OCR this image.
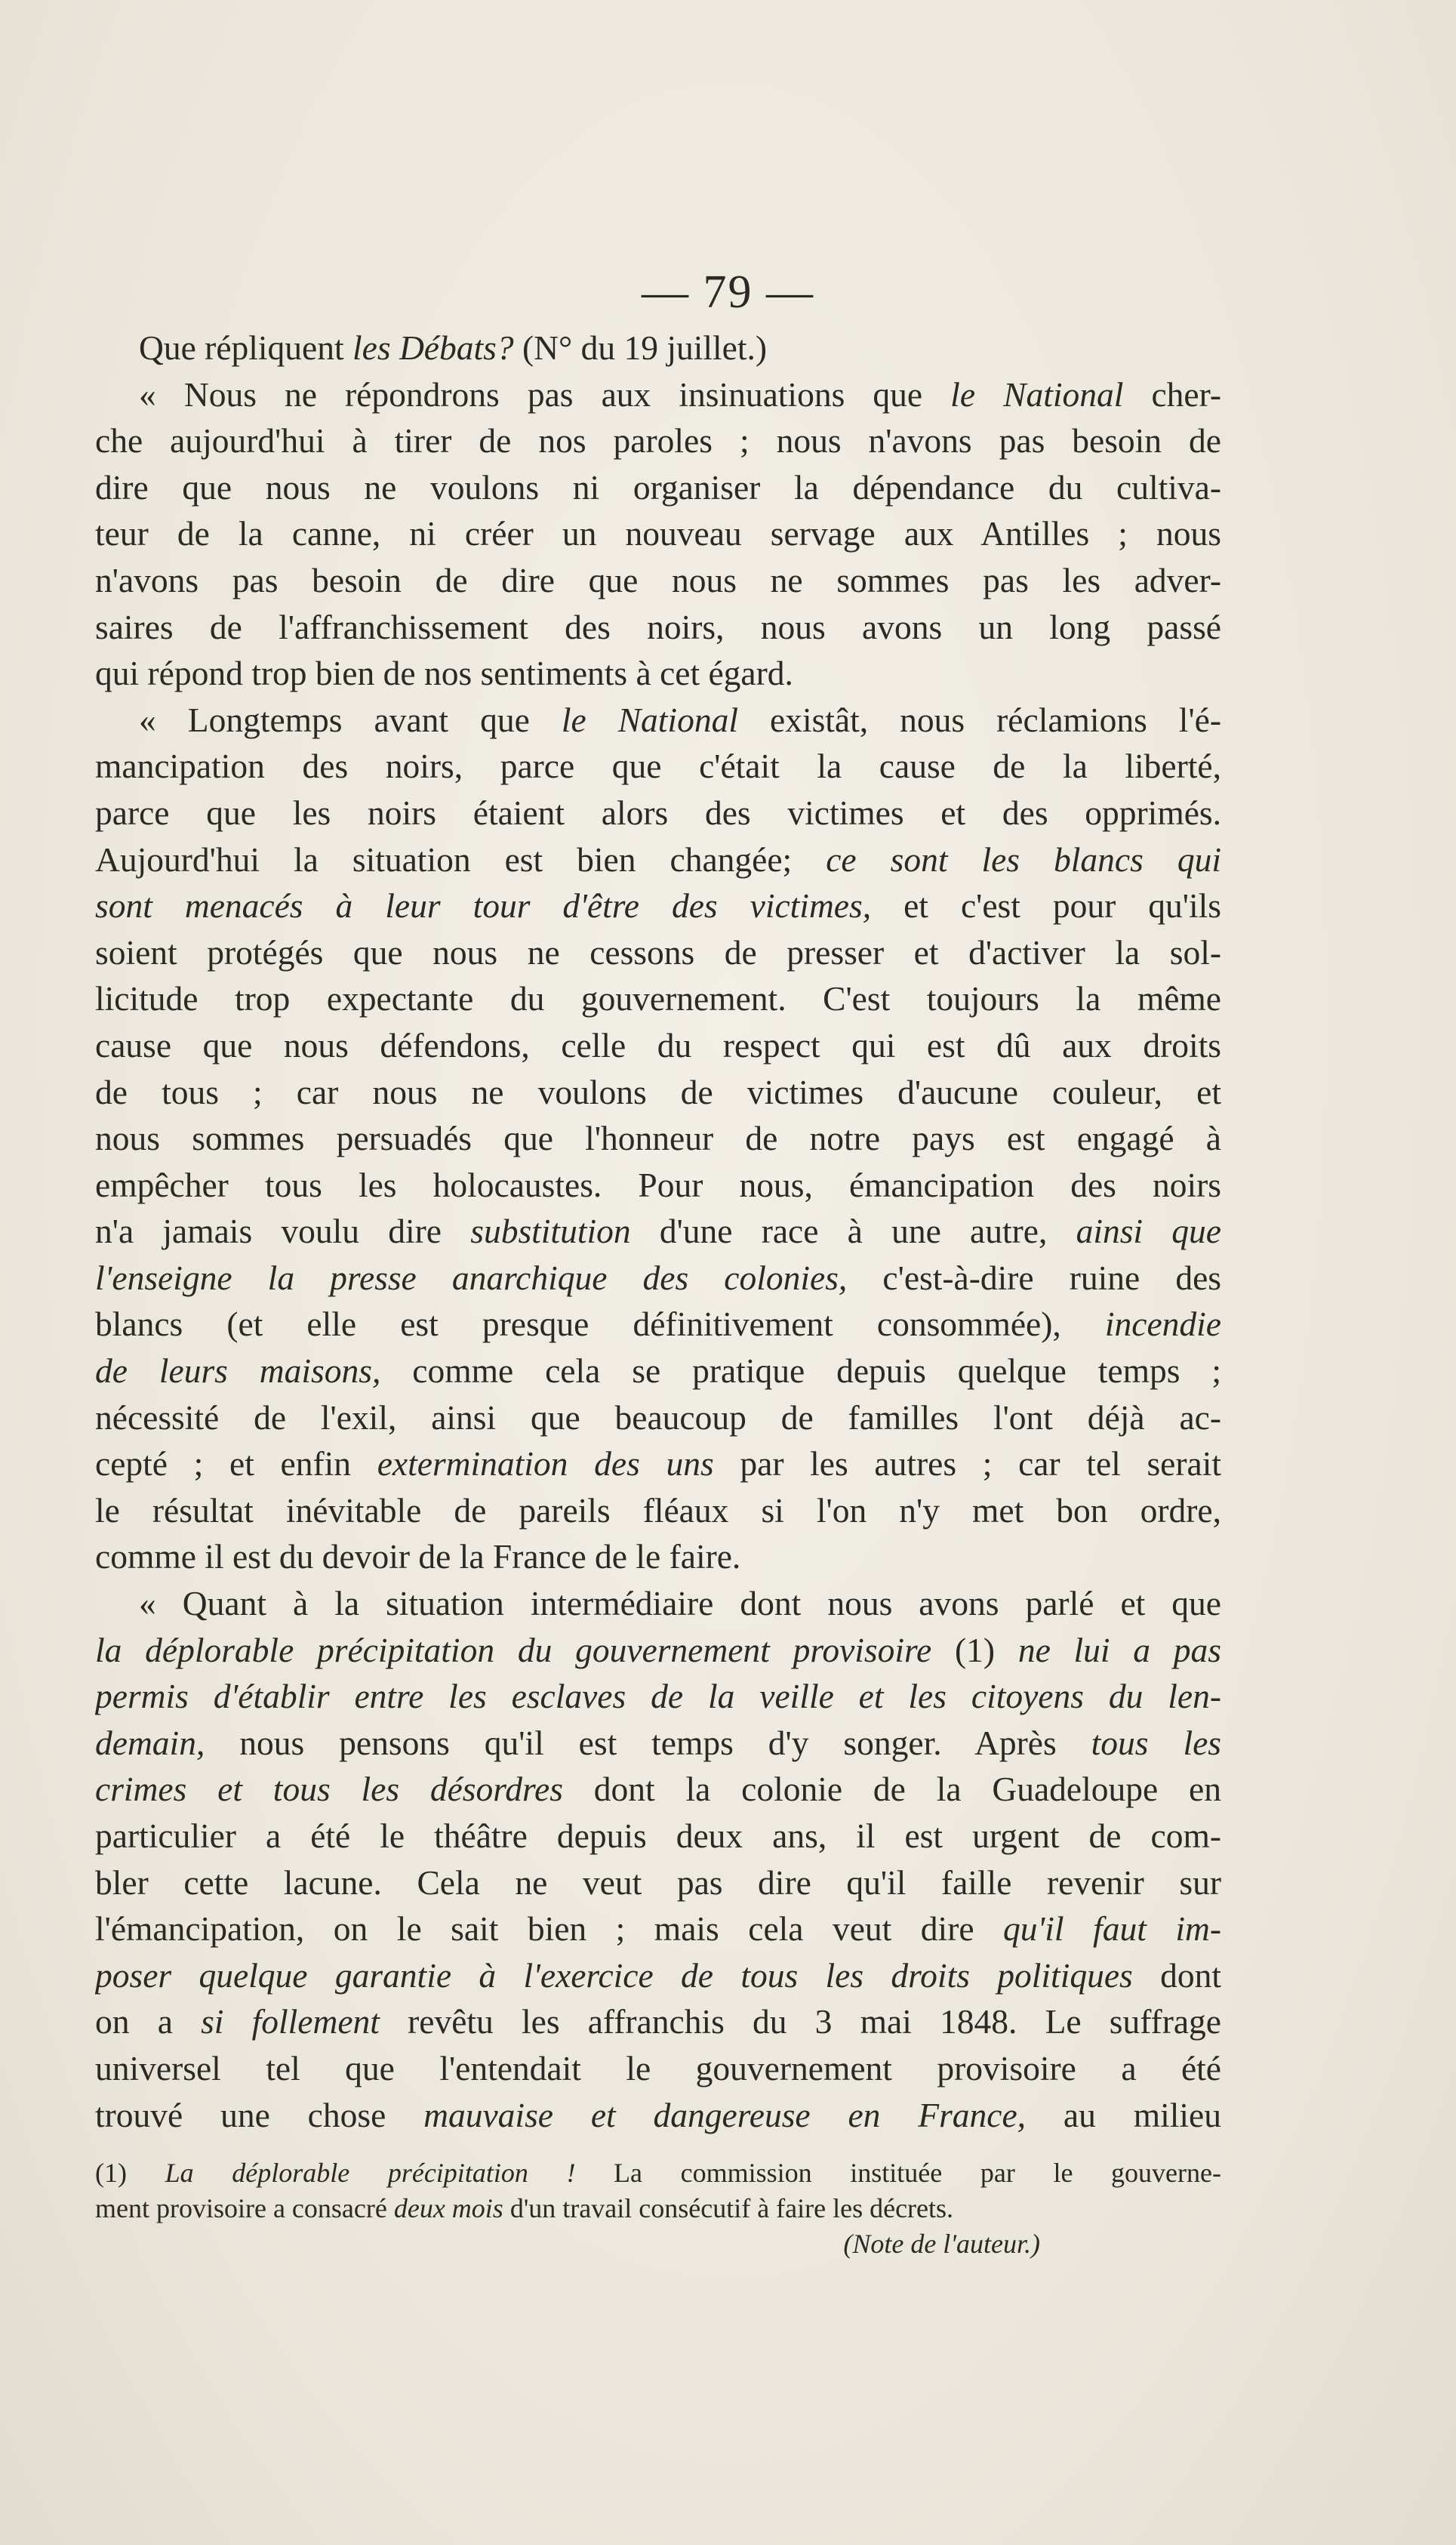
— 79 —
Que répliquent les Débats? (N° du 19 juillet.)
« Nous ne répondrons pas aux insinuations que le National cher-
che aujourd'hui à tirer de nos paroles ; nous n'avons pas besoin de
dire que nous ne voulons ni organiser la dépendance du cultiva-
teur de la canne, ni créer un nouveau servage aux Antilles ; nous
n'avons pas besoin de dire que nous ne sommes pas les adver-
saires de l'affranchissement des noirs, nous avons un long passé
qui répond trop bien de nos sentiments à cet égard.
« Longtemps avant que le National existât, nous réclamions l'é-
mancipation des noirs, parce que c'était la cause de la liberté,
parce que les noirs étaient alors des victimes et des opprimés.
Aujourd'hui la situation est bien changée; ce sont les blancs qui
sont menacés à leur tour d'être des victimes, et c'est pour qu'ils
soient protégés que nous ne cessons de presser et d'activer la sol-
licitude trop expectante du gouvernement. C'est toujours la même
cause que nous défendons, celle du respect qui est dû aux droits
de tous ; car nous ne voulons de victimes d'aucune couleur, et
nous sommes persuadés que l'honneur de notre pays est engagé à
empêcher tous les holocaustes. Pour nous, émancipation des noirs
n'a jamais voulu dire substitution d'une race à une autre, ainsi que
l'enseigne la presse anarchique des colonies, c'est-à-dire ruine des
blancs (et elle est presque définitivement consommée), incendie
de leurs maisons, comme cela se pratique depuis quelque temps ;
nécessité de l'exil, ainsi que beaucoup de familles l'ont déjà ac-
cepté ; et enfin extermination des uns par les autres ; car tel serait
le résultat inévitable de pareils fléaux si l'on n'y met bon ordre,
comme il est du devoir de la France de le faire.
« Quant à la situation intermédiaire dont nous avons parlé et que
la déplorable précipitation du gouvernement provisoire (1) ne lui a pas
permis d'établir entre les esclaves de la veille et les citoyens du len-
demain, nous pensons qu'il est temps d'y songer. Après tous les
crimes et tous les désordres dont la colonie de la Guadeloupe en
particulier a été le théâtre depuis deux ans, il est urgent de com-
bler cette lacune. Cela ne veut pas dire qu'il faille revenir sur
l'émancipation, on le sait bien ; mais cela veut dire qu'il faut im-
poser quelque garantie à l'exercice de tous les droits politiques dont
on a si follement revêtu les affranchis du 3 mai 1848. Le suffrage
universel tel que l'entendait le gouvernement provisoire a été
trouvé une chose mauvaise et dangereuse en France, au milieu
(1) La déplorable précipitation ! La commission instituée par le gouverne-
ment provisoire a consacré deux mois d'un travail consécutif à faire les décrets.
(Note de l'auteur.)
